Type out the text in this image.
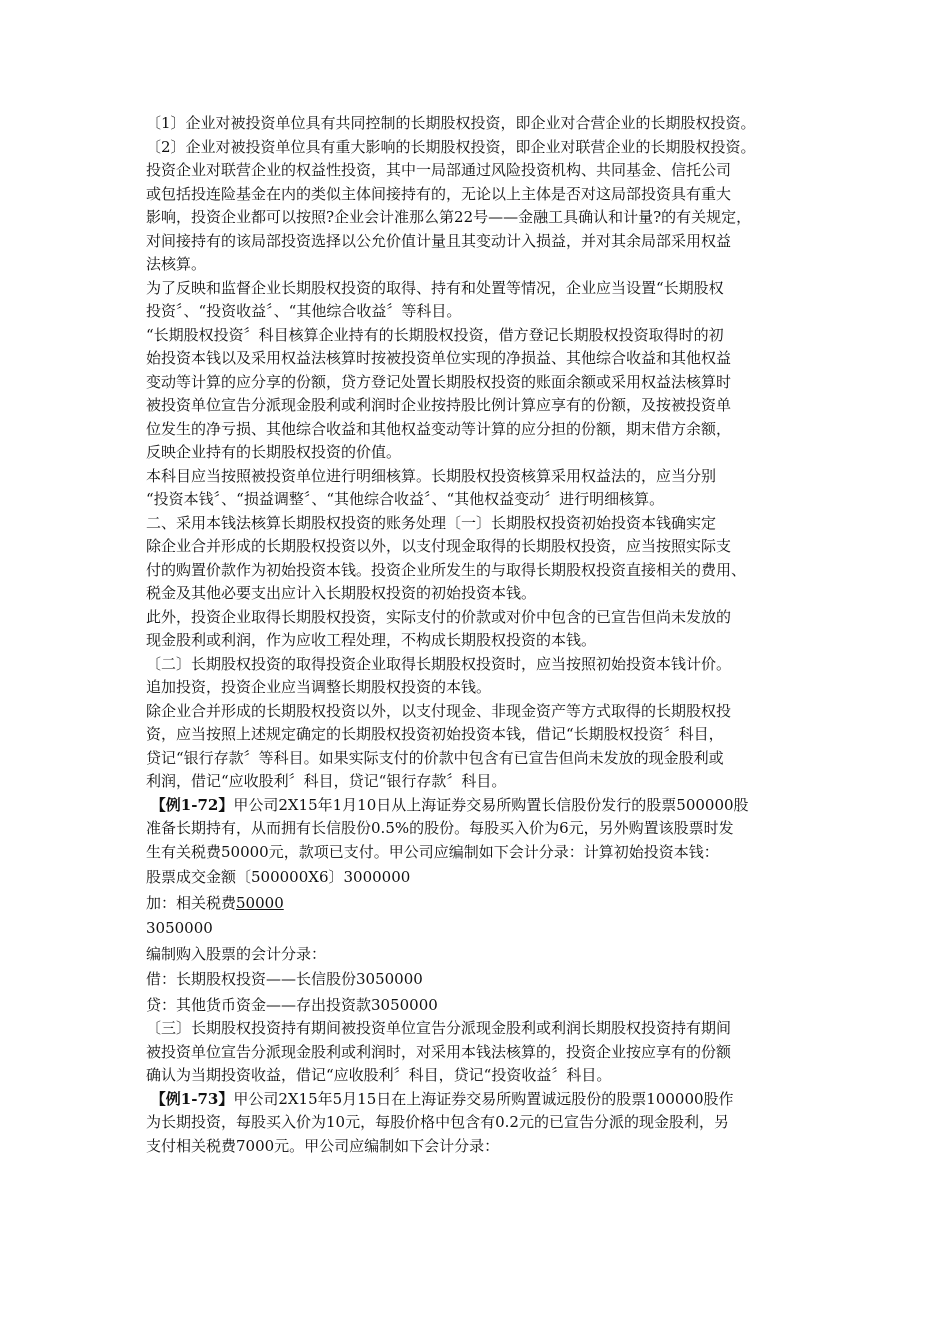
〔1〕企业对被投资单位具有共同控制的长期股权投资，即企业对合营企业的长期股权投资。

〔2〕企业对被投资单位具有重大影响的长期股权投资，即企业对联营企业的长期股权投资。

投资企业对联营企业的权益性投资，其中一局部通过风险投资机构、共同基金、信托公司

或包括投连险基金在内的类似主体间接持有的，无论以上主体是否对这局部投资具有重大

影响，投资企业都可以按照?企业会计准那么第22号——金融工具确认和计量?的有关规定，

对间接持有的该局部投资选择以公允价值计量且其变动计入损益，并对其余局部采用权益

法核算。

为了反映和监督企业长期股权投资的取得、持有和处置等情况，企业应当设置“长期股权

投资〞、“投资收益〞、“其他综合收益〞等科目。

“长期股权投资〞科目核算企业持有的长期股权投资，借方登记长期股权投资取得时的初

始投资本钱以及采用权益法核算时按被投资单位实现的净损益、其他综合收益和其他权益

变动等计算的应分享的份额，贷方登记处置长期股权投资的账面余额或采用权益法核算时

被投资单位宣告分派现金股利或利润时企业按持股比例计算应享有的份额，及按被投资单

位发生的净亏损、其他综合收益和其他权益变动等计算的应分担的份额，期末借方余额，

反映企业持有的长期股权投资的价值。

本科目应当按照被投资单位进行明细核算。长期股权投资核算采用权益法的，应当分别

“投资本钱〞、“损益调整〞、“其他综合收益〞、“其他权益变动〞进行明细核算。

二、采用本钱法核算长期股权投资的账务处理〔一〕长期股权投资初始投资本钱确实定

除企业合并形成的长期股权投资以外，以支付现金取得的长期股权投资，应当按照实际支

付的购置价款作为初始投资本钱。投资企业所发生的与取得长期股权投资直接相关的费用、

税金及其他必要支出应计入长期股权投资的初始投资本钱。

此外，投资企业取得长期股权投资，实际支付的价款或对价中包含的已宣告但尚未发放的

现金股利或利润，作为应收工程处理，不构成长期股权投资的本钱。

〔二〕长期股权投资的取得投资企业取得长期股权投资时，应当按照初始投资本钱计价。

追加投资，投资企业应当调整长期股权投资的本钱。

除企业合并形成的长期股权投资以外，以支付现金、非现金资产等方式取得的长期股权投

资，应当按照上述规定确定的长期股权投资初始投资本钱，借记“长期股权投资〞科目，

贷记“银行存款〞等科目。如果实际支付的价款中包含有已宣告但尚未发放的现金股利或

利润，借记“应收股利〞科目，贷记“银行存款〞科目。

【例1-72】甲公司2X15年1月10日从上海证券交易所购置长信股份发行的股票500000股

准备长期持有，从而拥有长信股份0.5%的股份。每股买入价为6元，另外购置该股票时发

生有关税费50000元，款项已支付。甲公司应编制如下会计分录：计算初始投资本钱：

股票成交金额〔500000X6〕3000000

加：相关税费50000

3050000

编制购入股票的会计分录：

借：长期股权投资——长信股份3050000

贷：其他货币资金——存出投资款3050000

〔三〕长期股权投资持有期间被投资单位宣告分派现金股利或利润长期股权投资持有期间

被投资单位宣告分派现金股利或利润时，对采用本钱法核算的，投资企业按应享有的份额

确认为当期投资收益，借记“应收股利〞科目，贷记“投资收益〞科目。

【例1-73】甲公司2X15年5月15日在上海证券交易所购置诚远股份的股票100000股作

为长期投资，每股买入价为10元，每股价格中包含有0.2元的已宣告分派的现金股利，另

支付相关税费7000元。甲公司应编制如下会计分录：
